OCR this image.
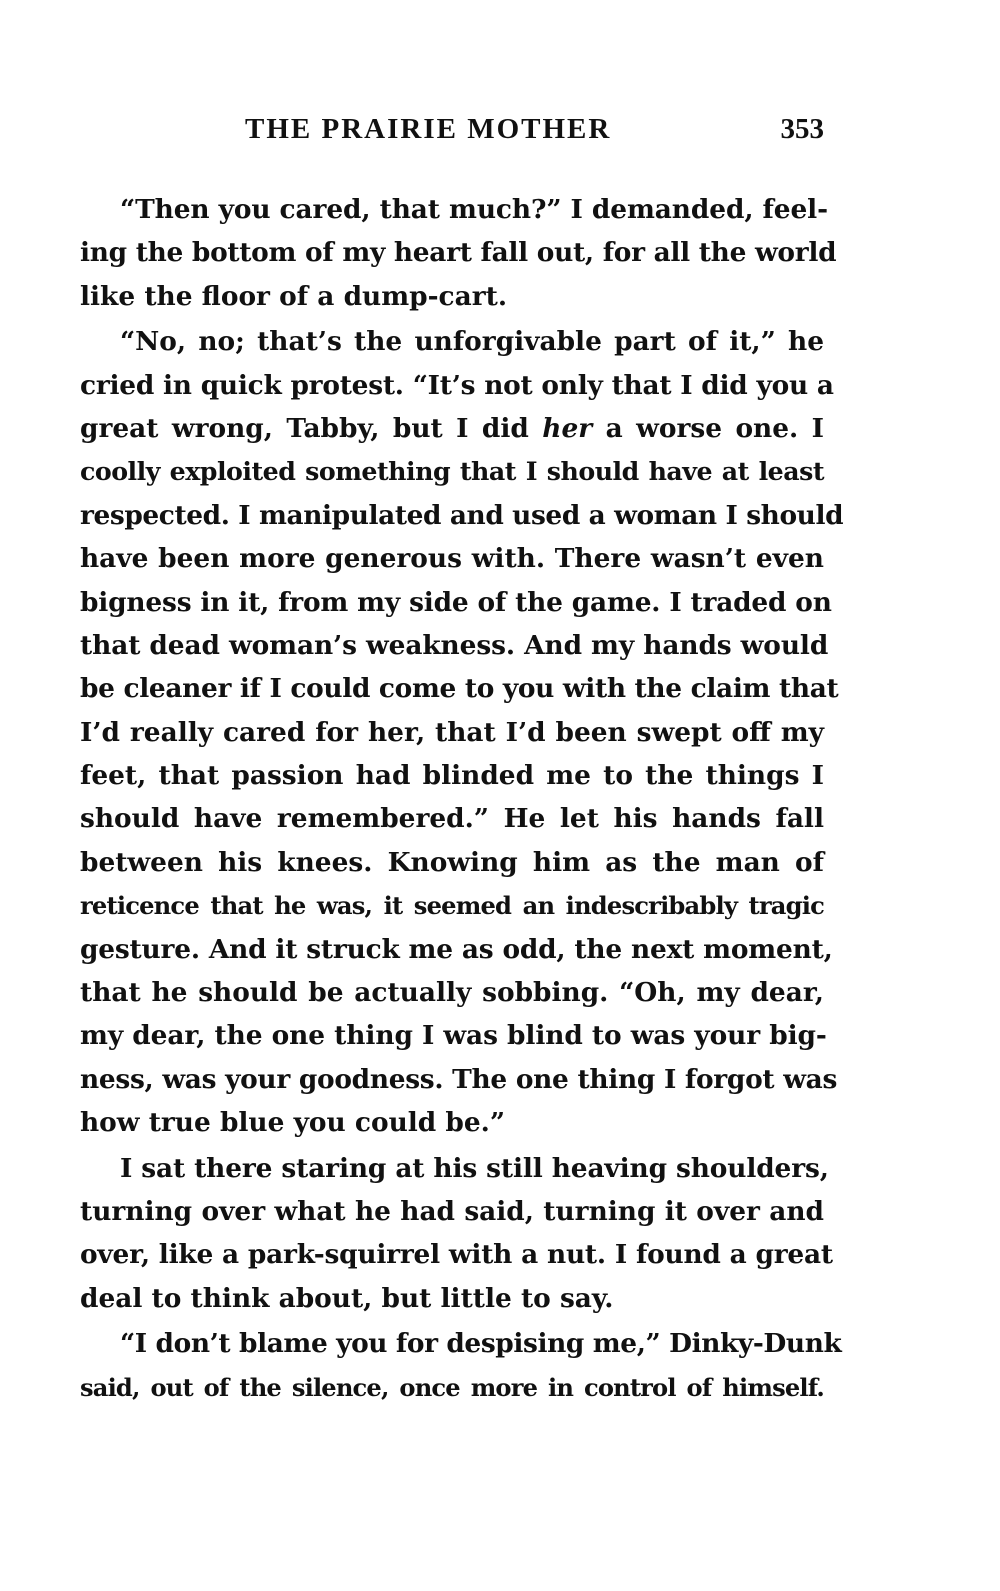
THE PRAIRIE MOTHER	353

“Then you cared, that much?” I demanded, feel-
ing the bottom of my heart fall out, for all the world
like the floor of a dump-cart.

“No, no; that’s the unforgivable part of it,” he
cried in quick protest. “It’s not only that I did you a
great wrong, Tabby, but I did her a worse one. I
coolly exploited something that I should have at least
respected. I manipulated and used a woman I should
have been more generous with. There wasn’t even
bigness in it, from my side of the game. I traded on
that dead woman’s weakness. And my hands would
be cleaner if I could come to you with the claim that
I’d really cared for her, that I’d been swept off my
feet, that passion had blinded me to the things I
should have remembered.” He let his hands fall
between his knees. Knowing him as the man of
reticence that he was, it seemed an indescribably tragic
gesture. And it struck me as odd, the next moment,
that he should be actually sobbing. “Oh, my dear,
my dear, the one thing I was blind to was your big-
ness, was your goodness. The one thing I forgot was
how true blue you could be.”

I sat there staring at his still heaving shoulders,
turning over what he had said, turning it over and
over, like a park-squirrel with a nut. I found a great
deal to think about, but little to say.

“I don’t blame you for despising me,” Dinky-Dunk
said, out of the silence, once more in control of himself.
